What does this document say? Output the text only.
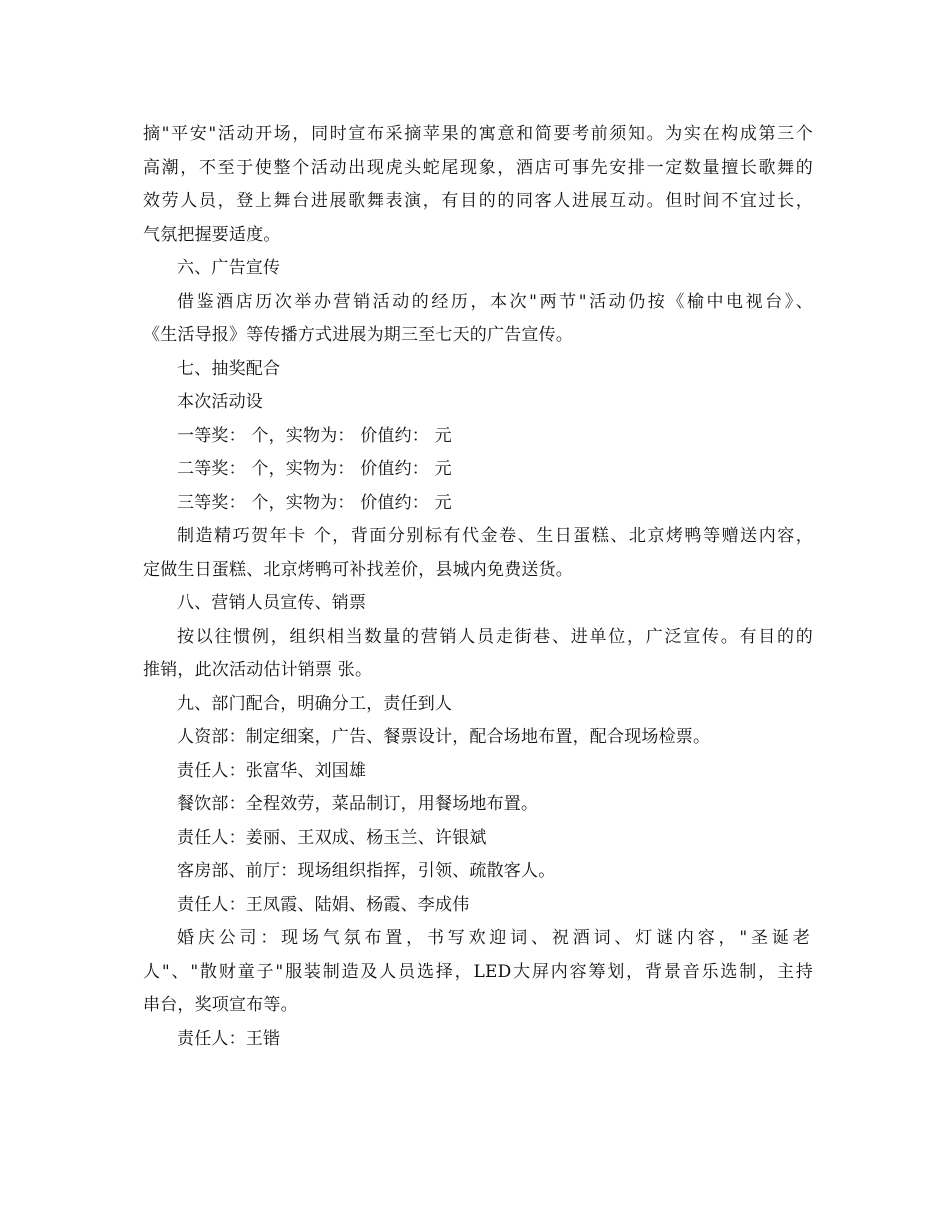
摘"平安"活动开场，同时宣布采摘苹果的寓意和简要考前须知。为实在构成第三个

高潮，不至于使整个活动出现虎头蛇尾现象，酒店可事先安排一定数量擅长歌舞的

效劳人员，登上舞台进展歌舞表演，有目的的同客人进展互动。但时间不宜过长，

气氛把握要适度。

六、广告宣传

借鉴酒店历次举办营销活动的经历，本次"两节"活动仍按《榆中电视台》、

《生活导报》等传播方式进展为期三至七天的广告宣传。

七、抽奖配合

本次活动设

一等奖： 个，实物为： 价值约： 元

二等奖： 个，实物为： 价值约： 元

三等奖： 个，实物为： 价值约： 元

制造精巧贺年卡 个，背面分别标有代金卷、生日蛋糕、北京烤鸭等赠送内容，

定做生日蛋糕、北京烤鸭可补找差价，县城内免费送货。

八、营销人员宣传、销票

按以往惯例，组织相当数量的营销人员走街巷、进单位，广泛宣传。有目的的

推销，此次活动估计销票 张。

九、部门配合，明确分工，责任到人

人资部：制定细案，广告、餐票设计，配合场地布置，配合现场检票。

责任人：张富华、刘国雄

餐饮部：全程效劳，菜品制订，用餐场地布置。

责任人：姜丽、王双成、杨玉兰、许银斌

客房部、前厅：现场组织指挥，引领、疏散客人。

责任人：王凤霞、陆娟、杨霞、李成伟

婚庆公司：现场气氛布置，书写欢迎词、祝酒词、灯谜内容，"圣诞老

人"、"散财童子"服装制造及人员选择，LED大屏内容筹划，背景音乐选制，主持

串台，奖项宣布等。

责任人：王锴
